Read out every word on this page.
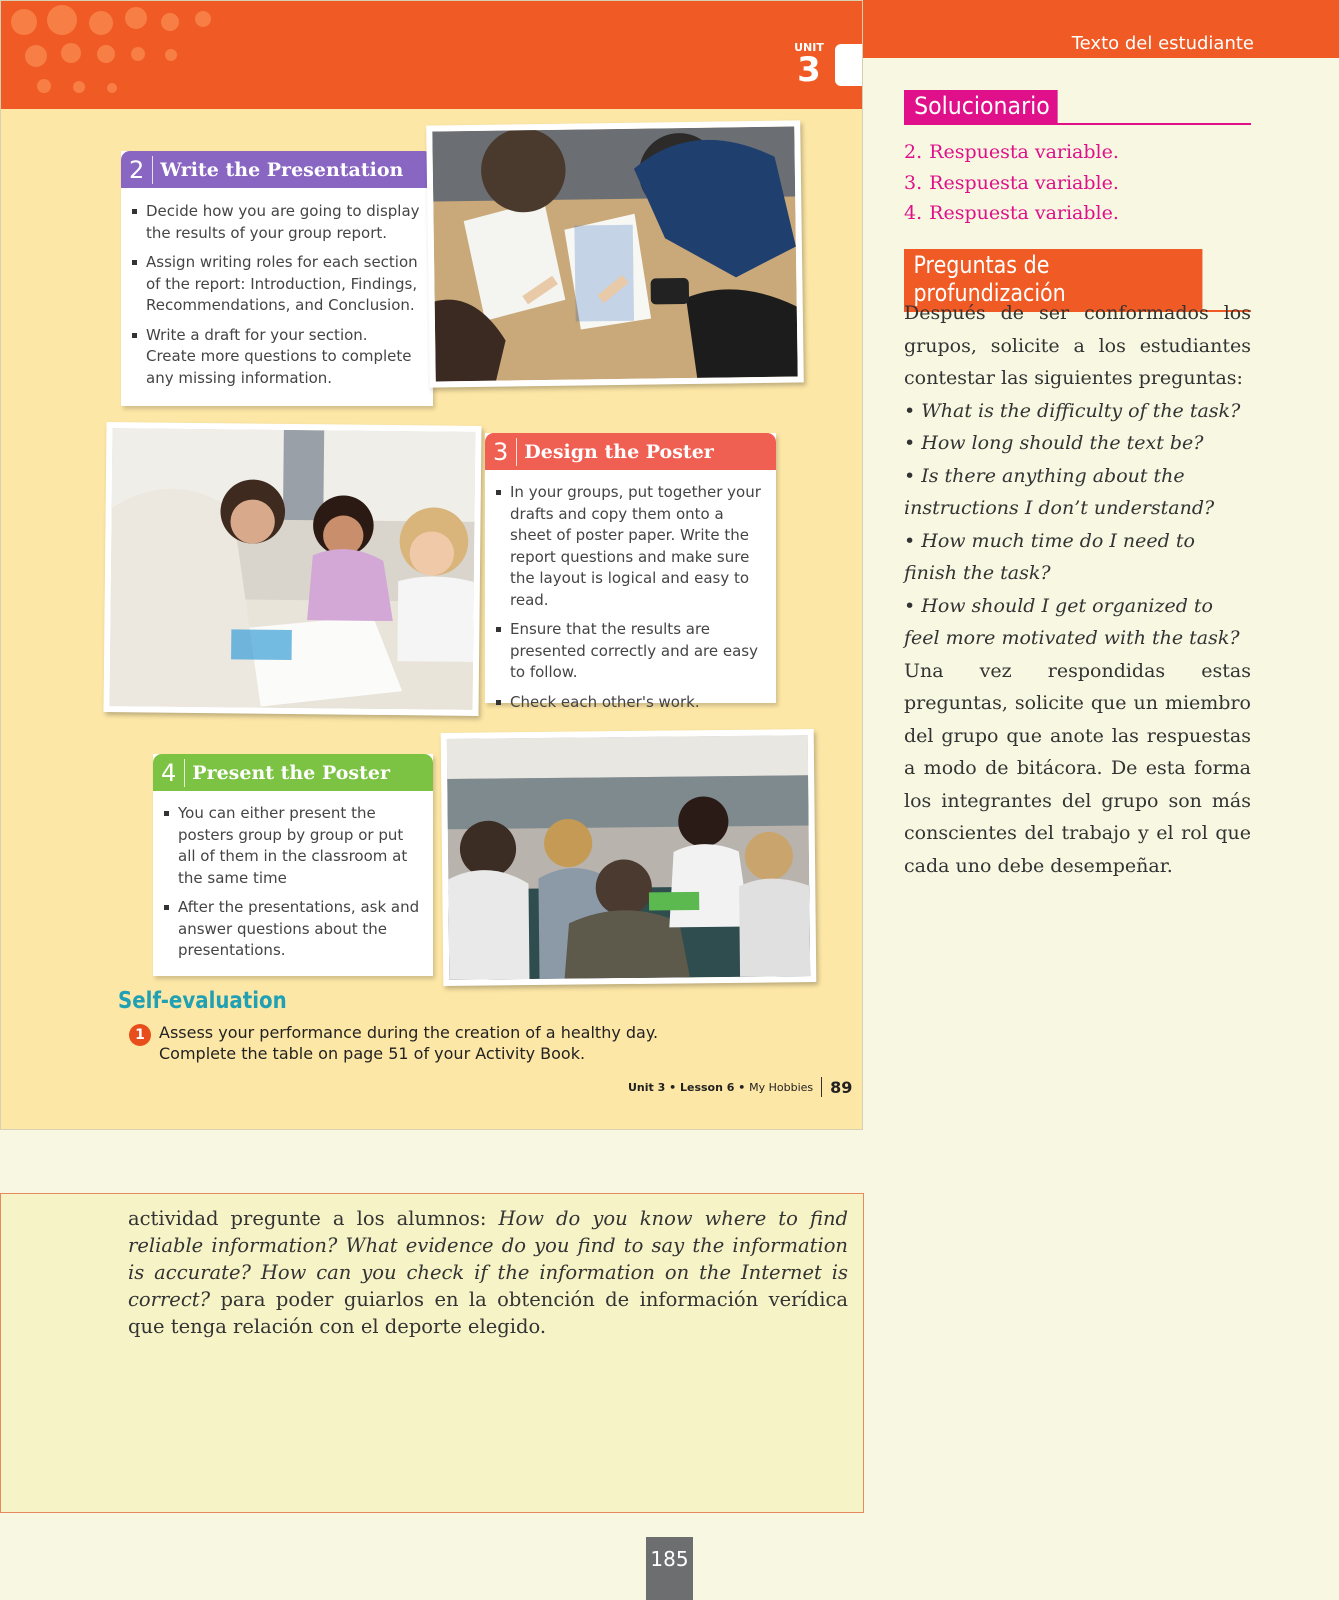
UNIT
3
2 Write the Presentation
Decide how you are going to display the results of your group report.
Assign writing roles for each section of the report: Introduction, Findings, Recommendations, and Conclusion.
Write a draft for your section. Create more questions to complete any missing information.
3 Design the Poster
In your groups, put together your drafts and copy them onto a sheet of poster paper. Write the report questions and make sure the layout is logical and easy to read.
Ensure that the results are presented correctly and are easy to follow.
Check each other's work.
4 Present the Poster
You can either present the posters group by group or put all of them in the classroom at the same time
After the presentations, ask and answer questions about the presentations.
Self-evaluation
1 Assess your performance during the creation of a healthy day.
Complete the table on page 51 of your Activity Book.
Unit 3 • Lesson 6 • My Hobbies 89
Texto del estudiante
Solucionario
2. Respuesta variable.
3. Respuesta variable.
4. Respuesta variable.
Preguntas de profundización

Después de ser conformados los grupos, solicite a los estudiantes contestar las siguientes preguntas:

• What is the difficulty of the task?

• How long should the text be?

• Is there anything about the instructions I don’t understand?

• How much time do I need to finish the task?

• How should I get organized to feel more motivated with the task?

Una vez respondidas estas preguntas, solicite que un miembro del grupo que anote las respuestas a modo de bitácora. De esta forma los integrantes del grupo son más conscientes del trabajo y el rol que cada uno debe desempeñar.

actividad pregunte a los alumnos: How do you know where to find reliable information? What evidence do you find to say the information is accurate? How can you check if the information on the Internet is correct? para poder guiarlos en la obtención de información verídica que tenga relación con el deporte elegido.

185
